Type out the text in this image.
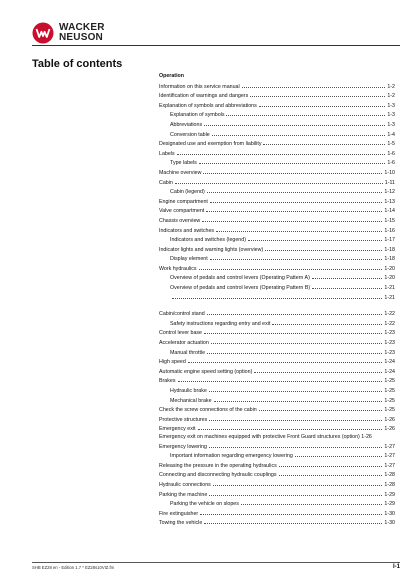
WACKER
NEUSON
Table of contents
Operation
Information on this service manual	1-2
Identification of warnings and dangers	1-2
Explanation of symbols and abbreviations	1-3
Explanation of symbols	1-3
Abbreviations	1-3
Conversion table	1-4
Designated use and exemption from liability	1-5
Labels	1-6
Type labels	1-6
Machine overview	1-10
Cabin	1-11
Cabin (legend)	1-12
Engine compartment	1-13
Valve compartment	1-14
Chassis overview	1-15
Indicators and switches	1-16
Indicators and switches (legend)	1-17
Indicator lights and warning lights (overview)	1-18
Display element	1-18
Work hydraulics	1-20
Overview of pedals and control levers (Operating Pattern A)	1-20
Overview of pedals and control levers (Operating Pattern B)	1-21
1-21
Cabin/control stand	1-22
Safety instructions regarding entry and exit	1-22
Control lever base	1-23
Accelerator actuation	1-23
Manual throttle	1-23
High speed	1-24
Automatic engine speed setting (option)	1-24
Brakes	1-25
Hydraulic brake	1-25
Mechanical brake	1-25
Check the screw connections of the cabin	1-25
Protective structures	1-26
Emergency exit	1-26
Emergency exit on machines equipped with protective Front Guard structures (option) 1-26
Emergency lowering	1-27
Important information regarding emergency lowering	1-27
Releasing the pressure in the operating hydraulics	1-27
Connecting and disconnecting hydraulic couplings	1-28
Hydraulic connections	1-28
Parking the machine	1-29
Parking the vehicle on slopes	1-29
Fire extinguisher	1-30
Towing the vehicle	1-30
SHB EZ28 en - Edition 1.7 * EZ28s10VIZ.fm	I-1
